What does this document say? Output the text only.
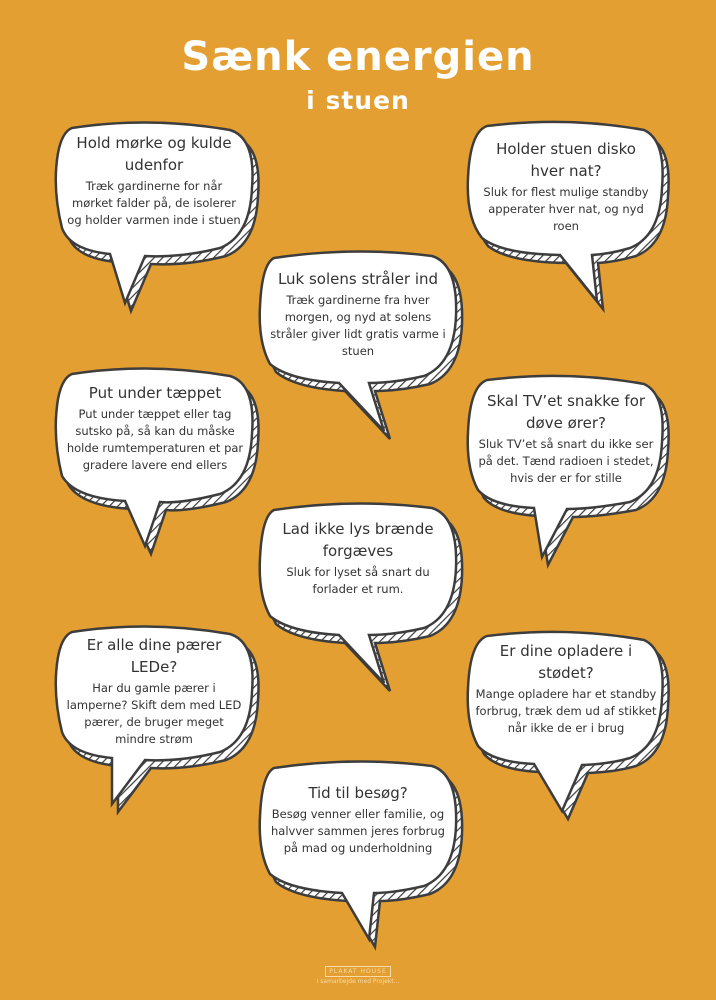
Sænk energien
i stuen

Hold mørke og kulde udenfor

Træk gardinerne for når mørket falder på, de isolerer og holder varmen inde i stuen

Holder stuen disko hver nat?

Sluk for flest mulige standby apperater hver nat, og nyd roen

Luk solens stråler ind

Træk gardinerne fra hver morgen, og nyd at solens stråler giver lidt gratis varme i stuen

Put under tæppet

Put under tæppet eller tag sutsko på, så kan du måske holde rumtemperaturen et par gradere lavere end ellers

Skal TV’et snakke for døve ører?

Sluk TV’et så snart du ikke ser på det. Tænd radioen i stedet, hvis der er for stille

Lad ikke lys brænde forgæves

Sluk for lyset så snart du forlader et rum.

Er alle dine pærer LEDe?

Har du gamle pærer i lamperne? Skift dem med LED pærer, de bruger meget mindre strøm

Er dine opladere i stødet?

Mange opladere har et standby forbrug, træk dem ud af stikket når ikke de er i brug

Tid til besøg?

Besøg venner eller familie, og halvver sammen jeres forbrug på mad og underholdning

PLAKAT HOUSE
I samarbejde med Projekt...
